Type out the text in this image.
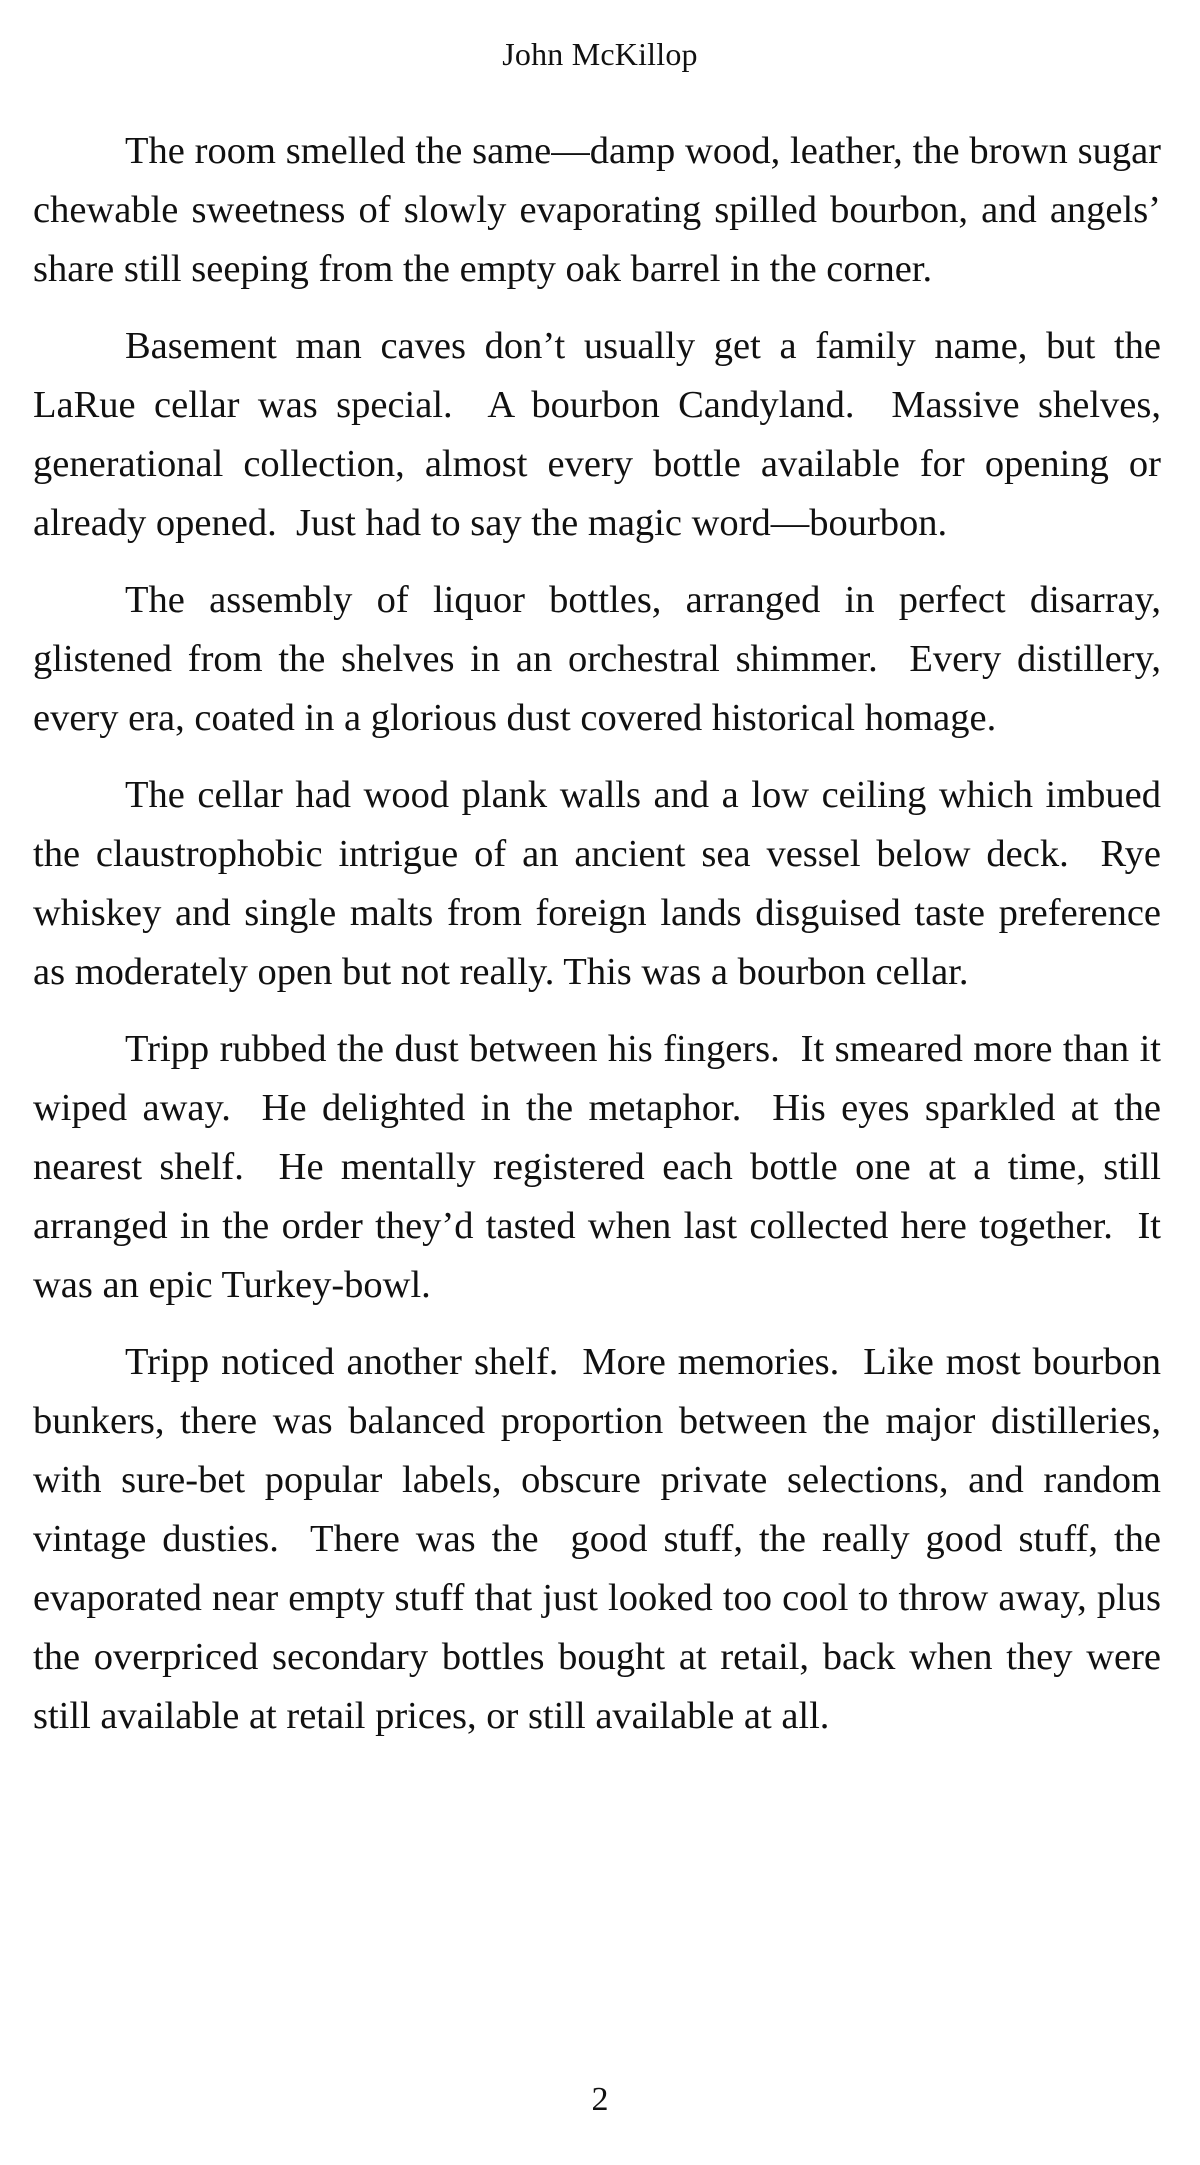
John McKillop

The room smelled the same—damp wood, leather, the brown sugar chewable sweetness of slowly evaporating spilled bourbon, and angels’ share still seeping from the empty oak barrel in the corner.

Basement man caves don’t usually get a family name, but the LaRue cellar was special.  A bourbon Candyland.  Massive shelves, generational collection, almost every bottle available for opening or already opened.  Just had to say the magic word—bourbon.

The assembly of liquor bottles, arranged in perfect disarray, glistened from the shelves in an orchestral shimmer.  Every distillery, every era, coated in a glorious dust covered historical homage.

The cellar had wood plank walls and a low ceiling which imbued the claustrophobic intrigue of an ancient sea vessel below deck.  Rye whiskey and single malts from foreign lands disguised taste preference as moderately open but not really. This was a bourbon cellar.

Tripp rubbed the dust between his fingers.  It smeared more than it wiped away.  He delighted in the metaphor.  His eyes sparkled at the nearest shelf.  He mentally registered each bottle one at a time, still arranged in the order they’d tasted when last collected here together.  It was an epic Turkey-bowl.

Tripp noticed another shelf.  More memories.  Like most bourbon bunkers, there was balanced proportion between the major distilleries, with sure-bet popular labels, obscure private selections, and random vintage dusties.  There was the  good stuff, the really good stuff, the evaporated near empty stuff that just looked too cool to throw away, plus the overpriced secondary bottles bought at retail, back when they were still available at retail prices, or still available at all.

2
